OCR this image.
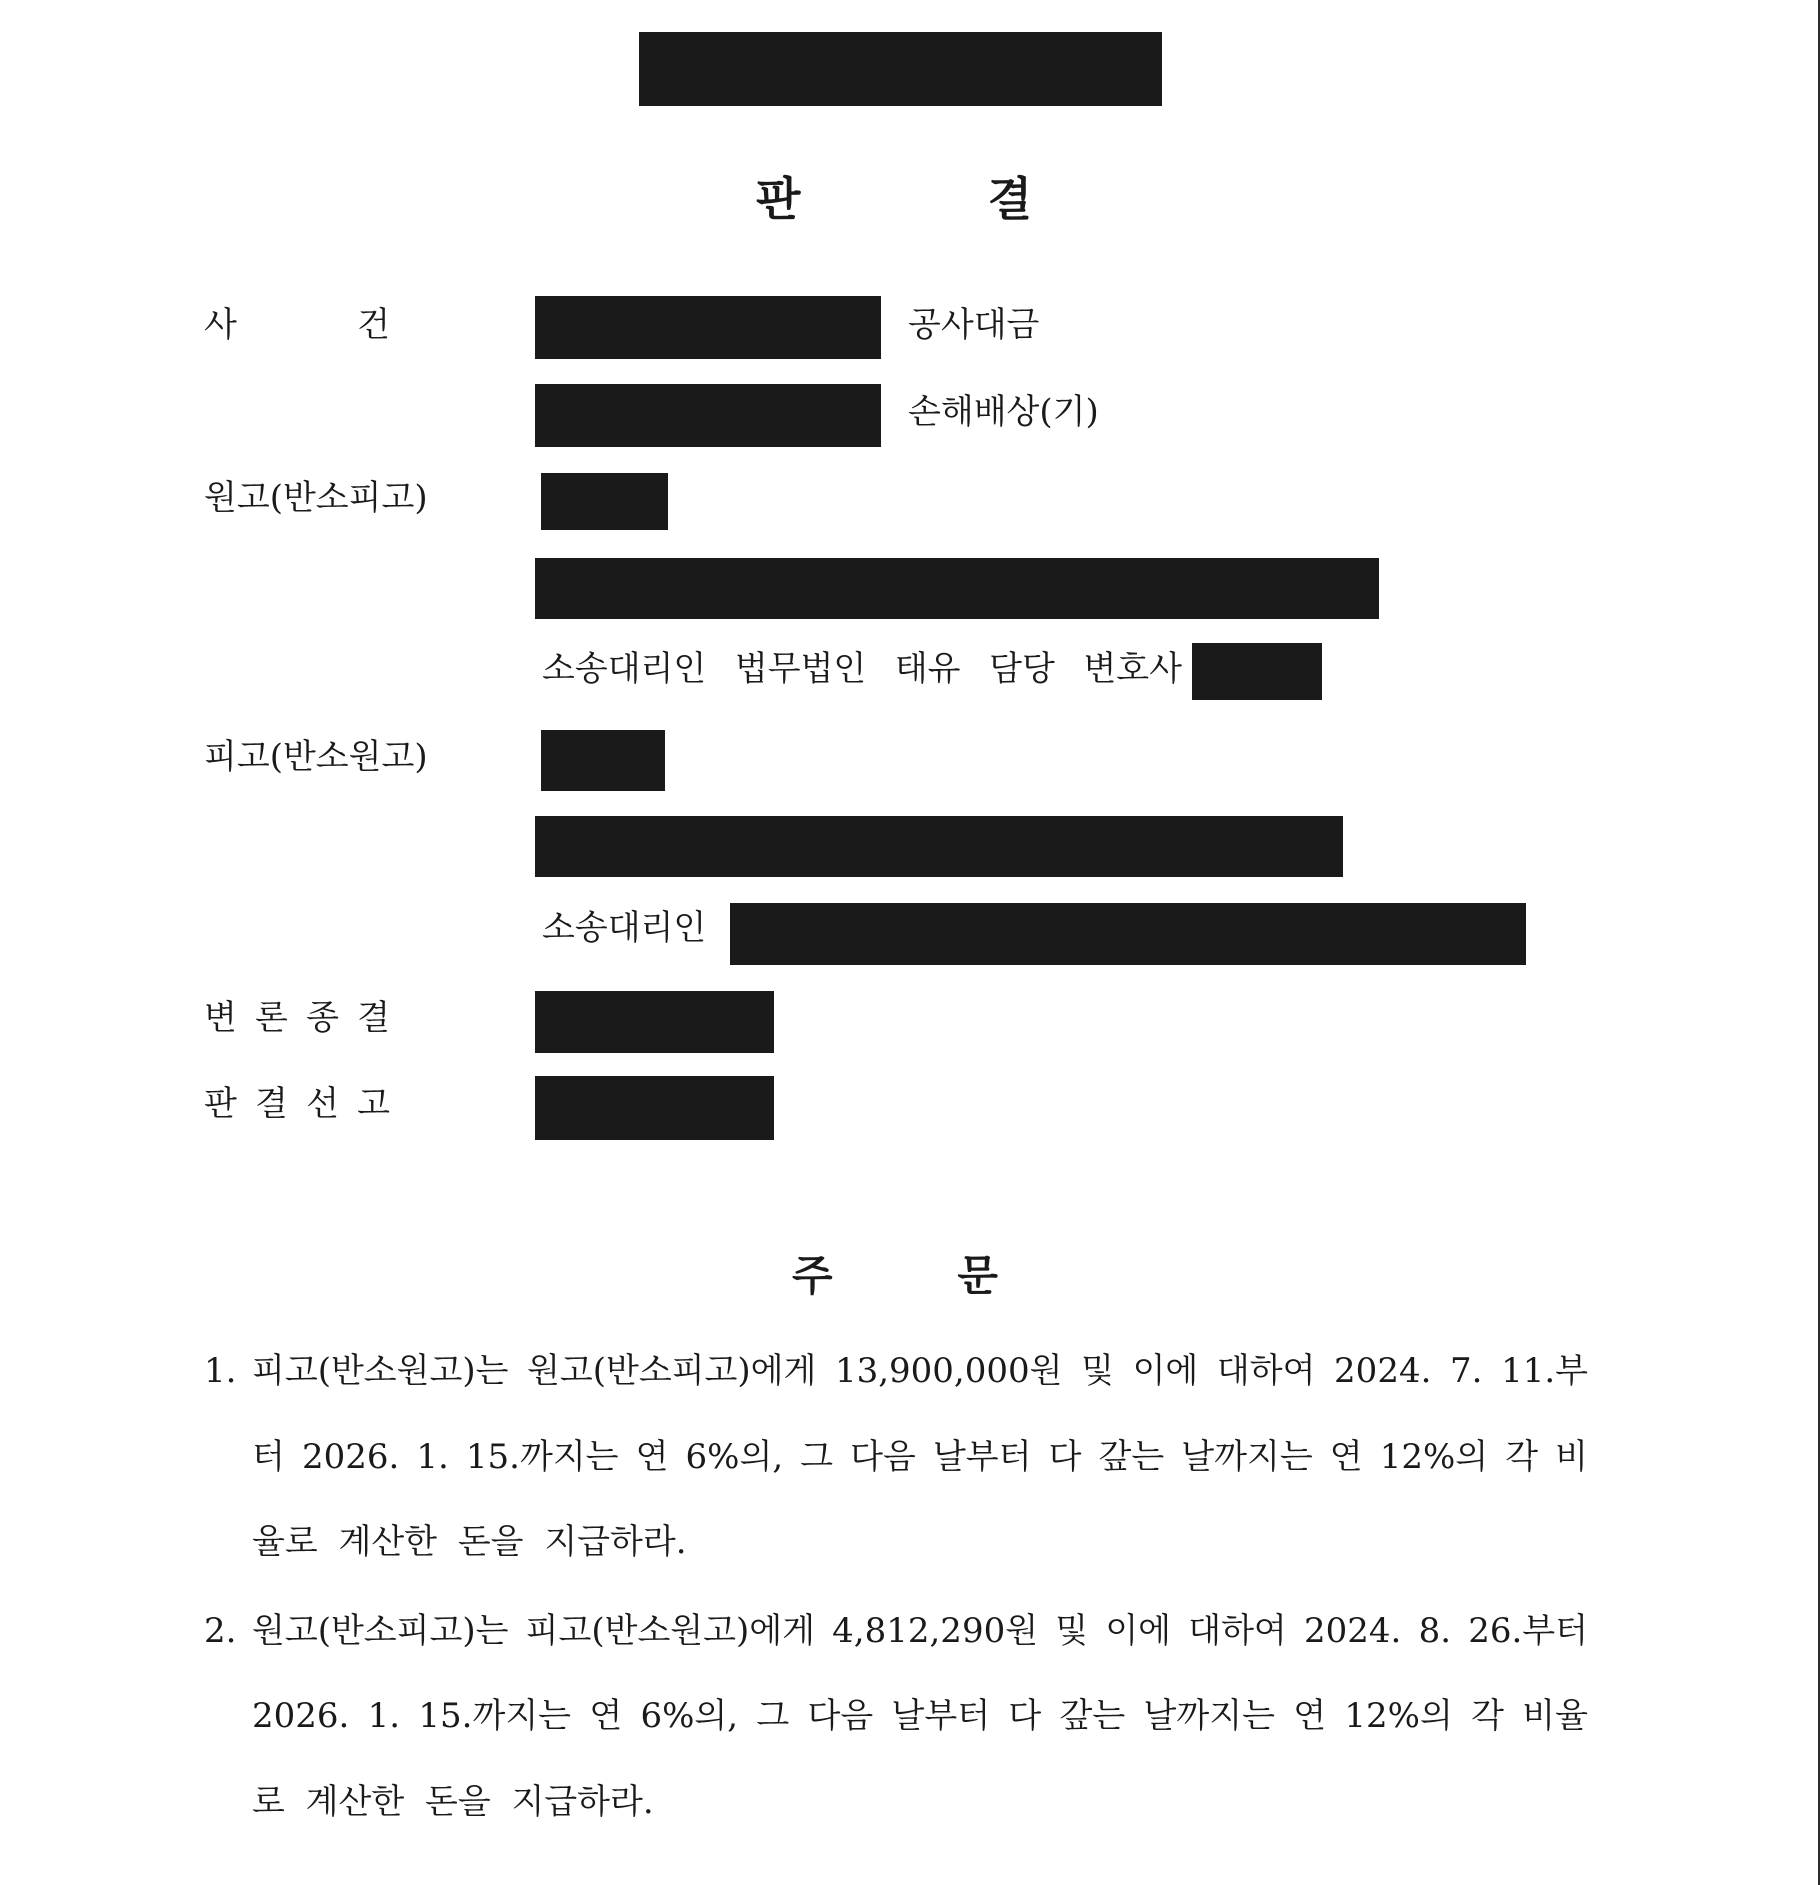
판	결
사	건	공사대금
손해배상(기)
원고(반소피고)
소송대리인 법무법인 태유 담당 변호사
피고(반소원고)
소송대리인
변 론 종 결
판 결 선 고
주	문
1. 피고(반소원고)는 원고(반소피고)에게 13,900,000원 및 이에 대하여 2024. 7. 11.부
터 2026. 1. 15.까지는 연 6%의, 그 다음 날부터 다 갚는 날까지는 연 12%의 각 비
율로 계산한 돈을 지급하라.
2. 원고(반소피고)는 피고(반소원고)에게 4,812,290원 및 이에 대하여 2024. 8. 26.부터
2026. 1. 15.까지는 연 6%의, 그 다음 날부터 다 갚는 날까지는 연 12%의 각 비율
로 계산한 돈을 지급하라.
